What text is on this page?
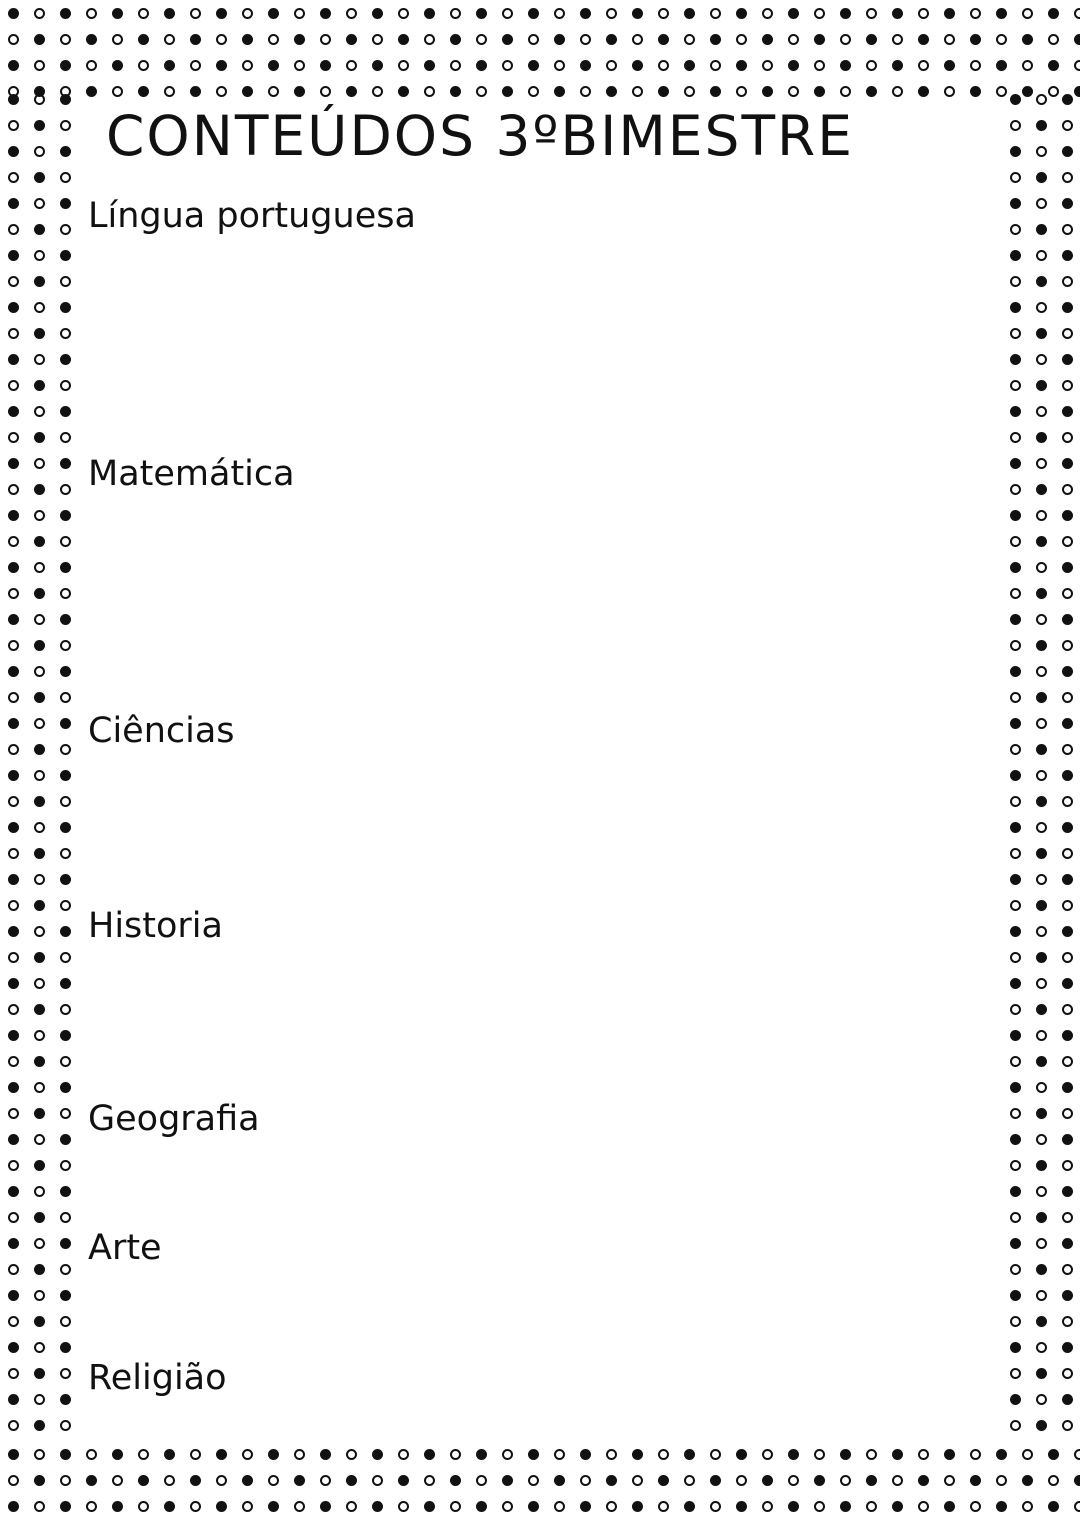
CONTEÚDOS 3ºBIMESTRE
Língua portuguesa
Matemática
Ciências
Historia
Geografia
Arte
Religião
